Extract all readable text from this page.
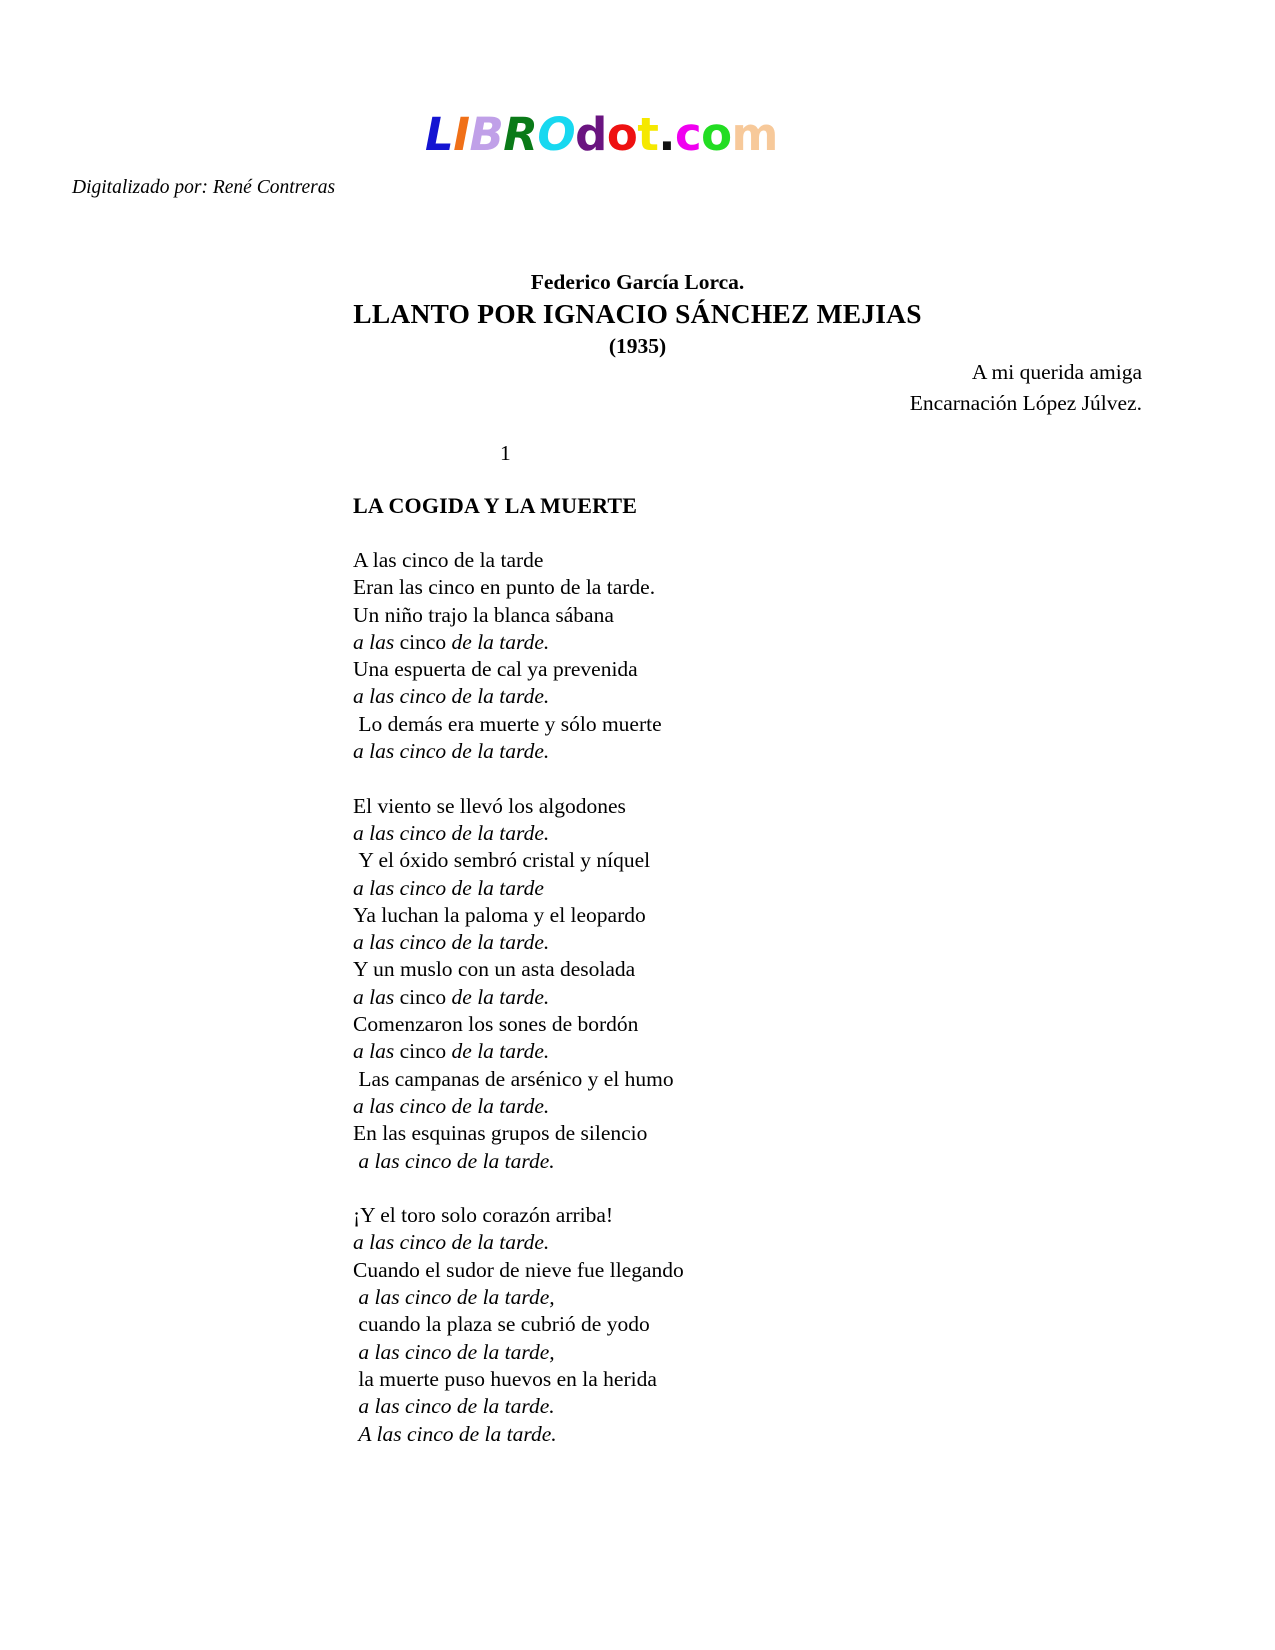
LIBROdot.com
Digitalizado por: René Contreras
Federico García Lorca.
LLANTO POR IGNACIO SÁNCHEZ MEJIAS
(1935)
A mi querida amiga
Encarnación López Júlvez.
1
LA COGIDA Y LA MUERTE
A las cinco de la tarde
Eran las cinco en punto de la tarde.
Un niño trajo la blanca sábana
a las cinco de la tarde.
Una espuerta de cal ya prevenida
a las cinco de la tarde.
Lo demás era muerte y sólo muerte
a las cinco de la tarde.
El viento se llevó los algodones
a las cinco de la tarde.
Y el óxido sembró cristal y níquel
a las cinco de la tarde
Ya luchan la paloma y el leopardo
a las cinco de la tarde.
Y un muslo con un asta desolada
a las cinco de la tarde.
Comenzaron los sones de bordón
a las cinco de la tarde.
Las campanas de arsénico y el humo
a las cinco de la tarde.
En las esquinas grupos de silencio
a las cinco de la tarde.
¡Y el toro solo corazón arriba!
a las cinco de la tarde.
Cuando el sudor de nieve fue llegando
a las cinco de la tarde,
cuando la plaza se cubrió de yodo
a las cinco de la tarde,
la muerte puso huevos en la herida
a las cinco de la tarde.
A las cinco de la tarde.
